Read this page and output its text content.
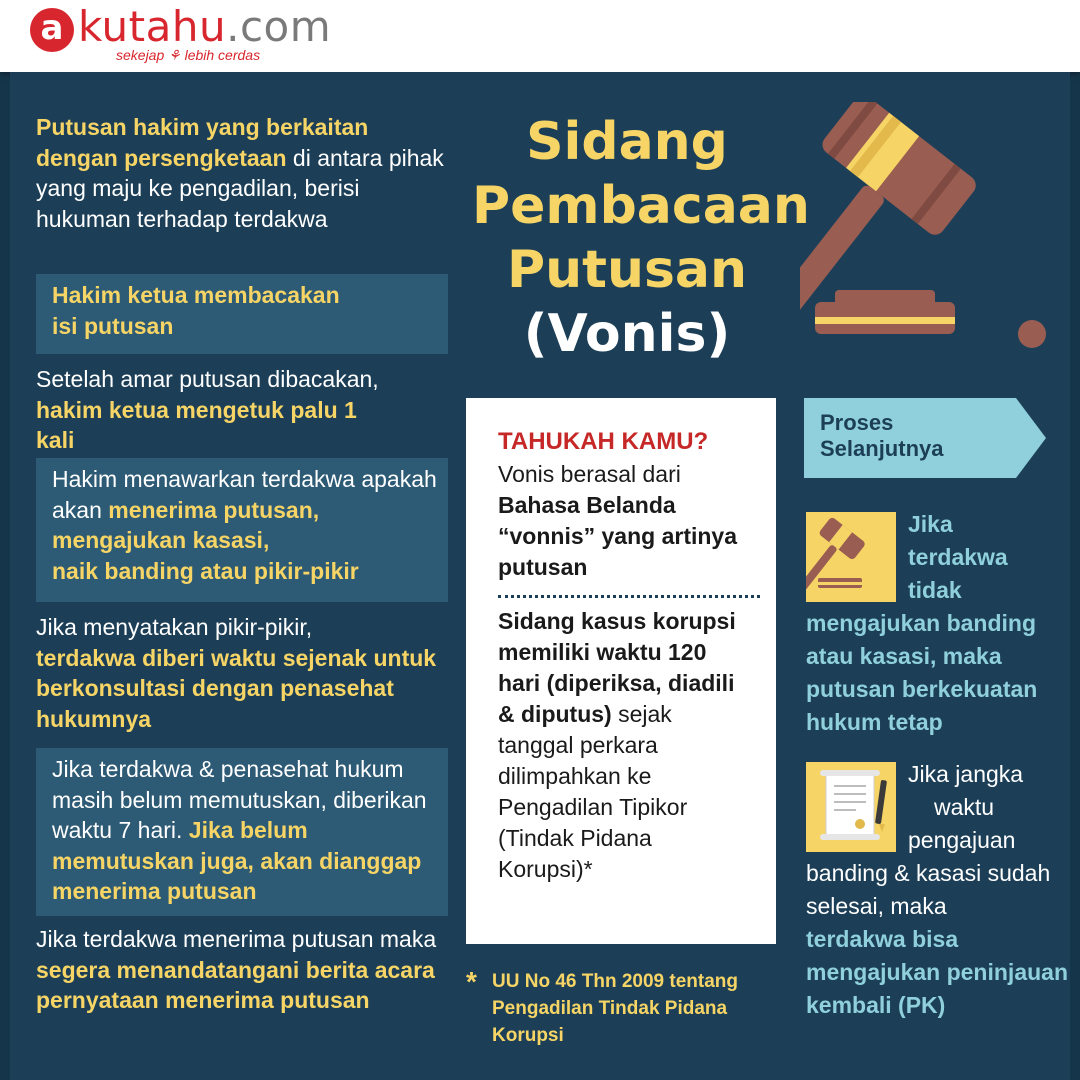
a kutahu.com
sekejap ⚘ lebih cerdas
Putusan hakim yang berkaitan dengan persengketaan di antara pihak yang maju ke pengadilan, berisi hukuman terhadap terdakwa
Hakim ketua membacakan isi putusan
Setelah amar putusan dibacakan,
hakim ketua mengetuk palu 1 kali
Hakim menawarkan terdakwa apakah akan menerima putusan,
mengajukan kasasi,
naik banding atau pikir-pikir
Jika menyatakan pikir-pikir,
terdakwa diberi waktu sejenak untuk berkonsultasi dengan penasehat hukumnya
Jika terdakwa & penasehat hukum masih belum memutuskan, diberikan waktu 7 hari. Jika belum memutuskan juga, akan dianggap menerima putusan
Jika terdakwa menerima putusan maka segera menandatangani berita acara pernyataan menerima putusan
Sidang
Pembacaan
Putusan
(Vonis)
TAHUKAH KAMU?
Vonis berasal dari Bahasa Belanda “vonnis” yang artinya putusan
Sidang kasus korupsi memiliki waktu 120 hari (diperiksa, diadili & diputus) sejak tanggal perkara dilimpahkan ke Pengadilan Tipikor (Tindak Pidana Korupsi)*
* UU No 46 Thn 2009 tentang Pengadilan Tindak Pidana Korupsi
Proses Selanjutnya
Jika
terdakwa
tidak
mengajukan banding atau kasasi, maka putusan berkekuatan hukum tetap
Jika jangka
waktu
pengajuan
banding & kasasi sudah selesai, maka
terdakwa bisa mengajukan peninjauan kembali (PK)
